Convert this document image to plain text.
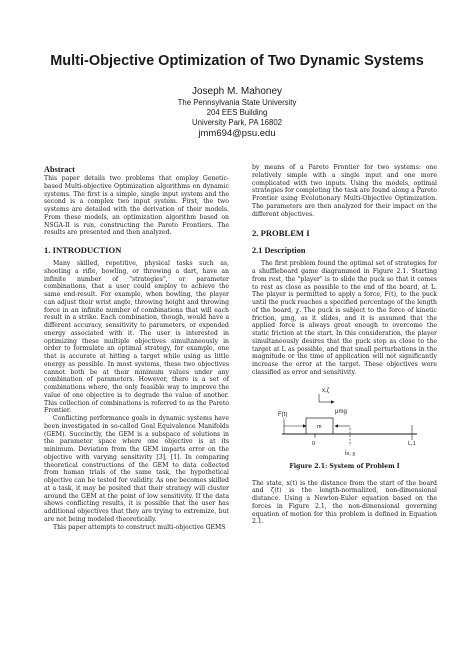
Multi-Objective Optimization of Two Dynamic Systems
Joseph M. Mahoney
The Pennsylvania State University
204 EES Building
University Park, PA 16802
jmm694@psu.edu
Abstract

This paper details two problems that employ Genetic-based Multi-objective Optimization algorithms on dynamic systems. The first is a simple, single input system and the second is a complex two input system. First, the two systems are detailed with the derivation of their models. From these models, an optimization algorithm based on NSGA-II is run, constructing the Pareto Frontiers. The results are presented and then analyzed.

1. INTRODUCTION

Many skilled, repetitive, physical tasks such as, shooting a rifle, bowling, or throwing a dart, have an infinite number of "strategies", or parameter combinations, that a user could employ to achieve the same end-result. For example, when bowling, the player can adjust their wrist angle, throwing height and throwing force in an infinite number of combinations that will each result in a strike. Each combination, though, would have a different accuracy, sensitivity to parameters, or expended energy associated with it. The user is interested in optimizing these multiple objectives simultaneously in order to formulate an optimal strategy, for example, one that is accurate at hitting a target while using as little energy as possible. In most systems, these two objectives cannot both be at their minimum values under any combination of parameters. However, there is a set of combinations where, the only feasible way to improve the value of one objective is to degrade the value of another. This collection of combinations is referred to as the Pareto Frontier.

Conflicting performance goals in dynamic systems have been investigated in so-called Goal Equivalence Manifolds (GEM). Succinctly, the GEM is a subspace of solutions in the parameter space where one objective is at its minimum. Deviation from the GEM imparts error on the objective with varying sensitivity [3], [1]. In comparing theoretical constructions of the GEM to data collected from human trials of the same task, the hypothetical objective can be tested for validity. As one becomes skilled at a task, it may be posited that their strategy will cluster around the GEM at the point of low sensitivity. If the data shows conflicting results, it is possible that the user has additional objectives that they are trying to extremize, but are not being modeled theoretically.

This paper attempts to construct multi-objective GEMS

by means of a Pareto Frontier for two systems: one relatively simple with a single input and one more complicated with two inputs. Using the models, optimal strategies for completing the task are found along a Pareto Frontier using Evolutionary Multi-Objective Optimization. The parameters are then analyzed for their impact on the different objectives.

2. PROBLEM I
2.1 Description

The first problem found the optimal set of strategies for a shuffleboard game diagrammed in Figure 2.1. Starting from rest, the "player" is to slide the puck so that it comes to rest as close as possible to the end of the board, at L. The player is permitted to apply a force, F(t), to the puck until the puck reaches a specified percentage of the length of the board, χ. The puck is subject to the force of kinetic friction, μmg, as it slides, and it is assumed that the applied force is always great enough to overcome the static friction at the start. In this consideration, the player simultaneously desires that the puck stop as close to the target at L as possible, and that small perturbations in the magnitude or the time of application will not significantly increase the error at the target. These objectives were classified as error and sensitivity.

x,ζ
F(t)
m
μmg
0	L,1
t̂x, χ
Figure 2.1: System of Problem I

The state, x(t) is the distance from the start of the board and ζ(t) is the length-normalized, non-dimensional distance. Using a Newton-Euler equation based on the forces in Figure 2.1, the non-dimensional governing equation of motion for this problem is defined in Equation 2.1.
